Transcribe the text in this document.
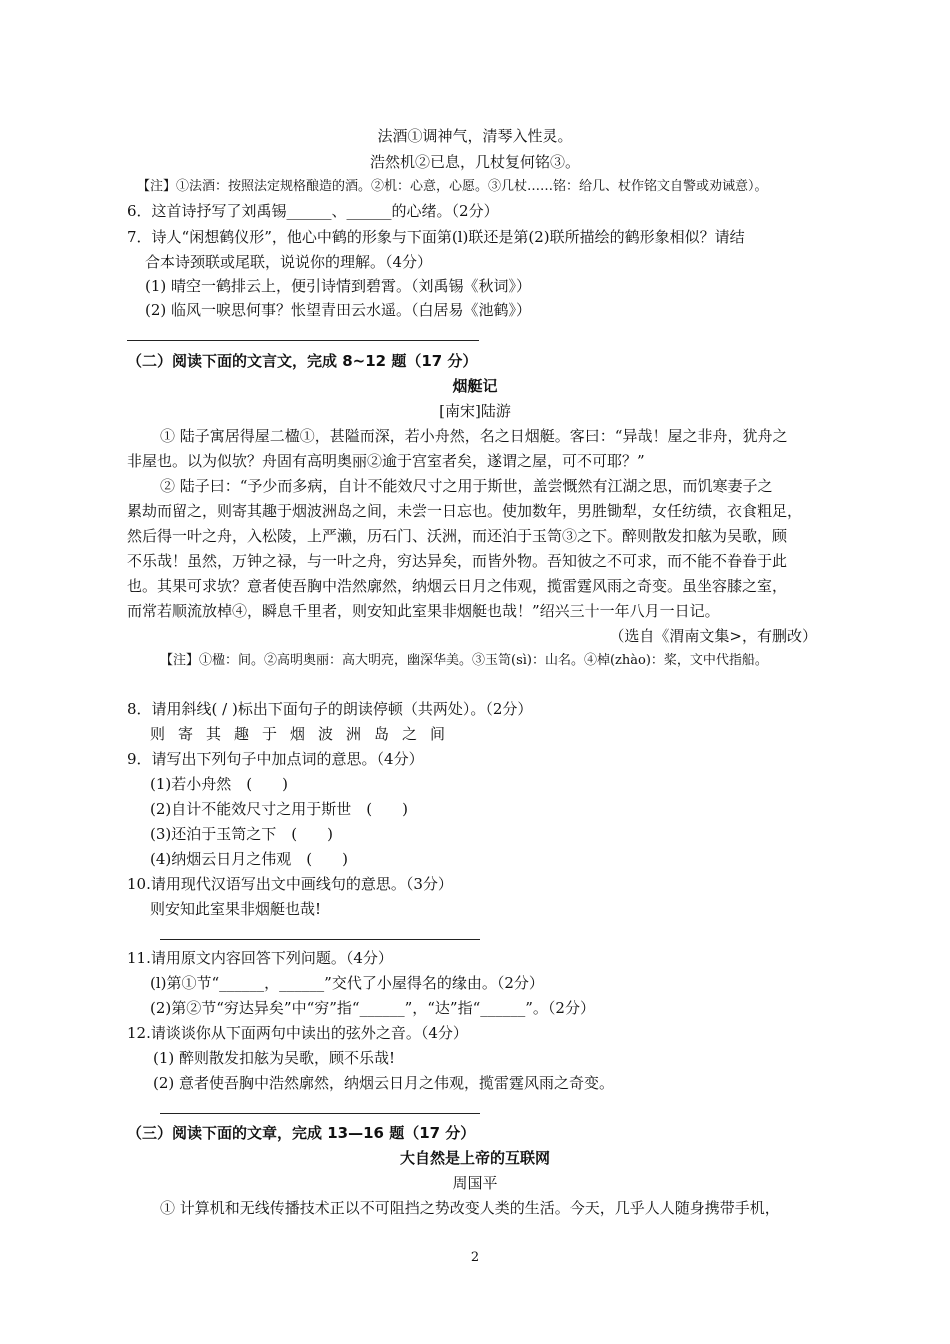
法酒①调神气，清琴入性灵。
浩然机②已息，几杖复何铭③。
【注】①法酒：按照法定规格酿造的酒。②机：心意，心愿。③几杖……铭：给几、杖作铭文自警或劝诫意）。
6．这首诗抒写了刘禹锡______、______的心绪。（2分）
7．诗人“闲想鹤仪形”，他心中鹤的形象与下面第(l)联还是第(2)联所描绘的鹤形象相似？请结
合本诗颈联或尾联，说说你的理解。（4分）
(1) 晴空一鹤排云上，便引诗情到碧霄。（刘禹锡《秋词》）
(2) 临风一唳思何事？怅望青田云水遥。（白居易《池鹤》）
（二）阅读下面的文言文，完成 8~12 题（17 分）
烟艇记
[南宋]陆游
① 陆子寓居得屋二楹①，甚隘而深，若小舟然，名之日烟艇。客曰：“异哉！屋之非舟，犹舟之
非屋也。以为似欤？舟固有高明奥丽②逾于宫室者矣，遂谓之屋，可不可耶？”
② 陆子曰：“予少而多病，自计不能效尺寸之用于斯世，盖尝慨然有江湖之思，而饥寒妻子之
累劫而留之，则寄其趣于烟波洲岛之间，未尝一日忘也。使加数年，男胜锄犁，女任纺绩，衣食粗足，
然后得一叶之舟，入松陵，上严濑，历石门、沃洲，而还泊于玉笥③之下。醉则散发扣舷为吴歌，顾
不乐哉！虽然，万钟之禄，与一叶之舟，穷达异矣，而皆外物。吾知彼之不可求，而不能不眷眷于此
也。其果可求欤？意者使吾胸中浩然廓然，纳烟云日月之伟观，揽雷霆风雨之奇变。虽坐容膝之室，
而常若顺流放棹④，瞬息千里者，则安知此室果非烟艇也哉！”绍兴三十一年八月一日记。
（选自《渭南文集>，有删改）
【注】①楹：间。②高明奥丽：高大明亮，幽深华美。③玉笥(sì)：山名。④棹(zhào)：桨，文中代指船。
8．请用斜线( / )标出下面句子的朗读停顿（共两处）。（2分）
则寄其趣于烟波洲岛之间
9．请写出下列句子中加点词的意思。（4分）
(1)若小舟然　(　　)
(2)自计不能效尺寸之用于斯世　(　　)
(3)还泊于玉笥之下　(　　)
(4)纳烟云日月之伟观　(　　)
10.请用现代汉语写出文中画线句的意思。（3分）
则安知此室果非烟艇也哉!
11.请用原文内容回答下列问题。（4分）
(l)第①节“______，______”交代了小屋得名的缘由。（2分）
(2)第②节“穷达异矣”中“穷”指“______”，“达”指“______”。（2分）
12.请谈谈你从下面两句中读出的弦外之音。（4分）
(1) 醉则散发扣舷为吴歌，顾不乐哉!
(2) 意者使吾胸中浩然廓然，纳烟云日月之伟观，揽雷霆风雨之奇变。
（三）阅读下面的文章，完成 13—16 题（17 分）
大自然是上帝的互联网
周国平
① 计算机和无线传播技术正以不可阻挡之势改变人类的生活。今天，几乎人人随身携带手机，
2
